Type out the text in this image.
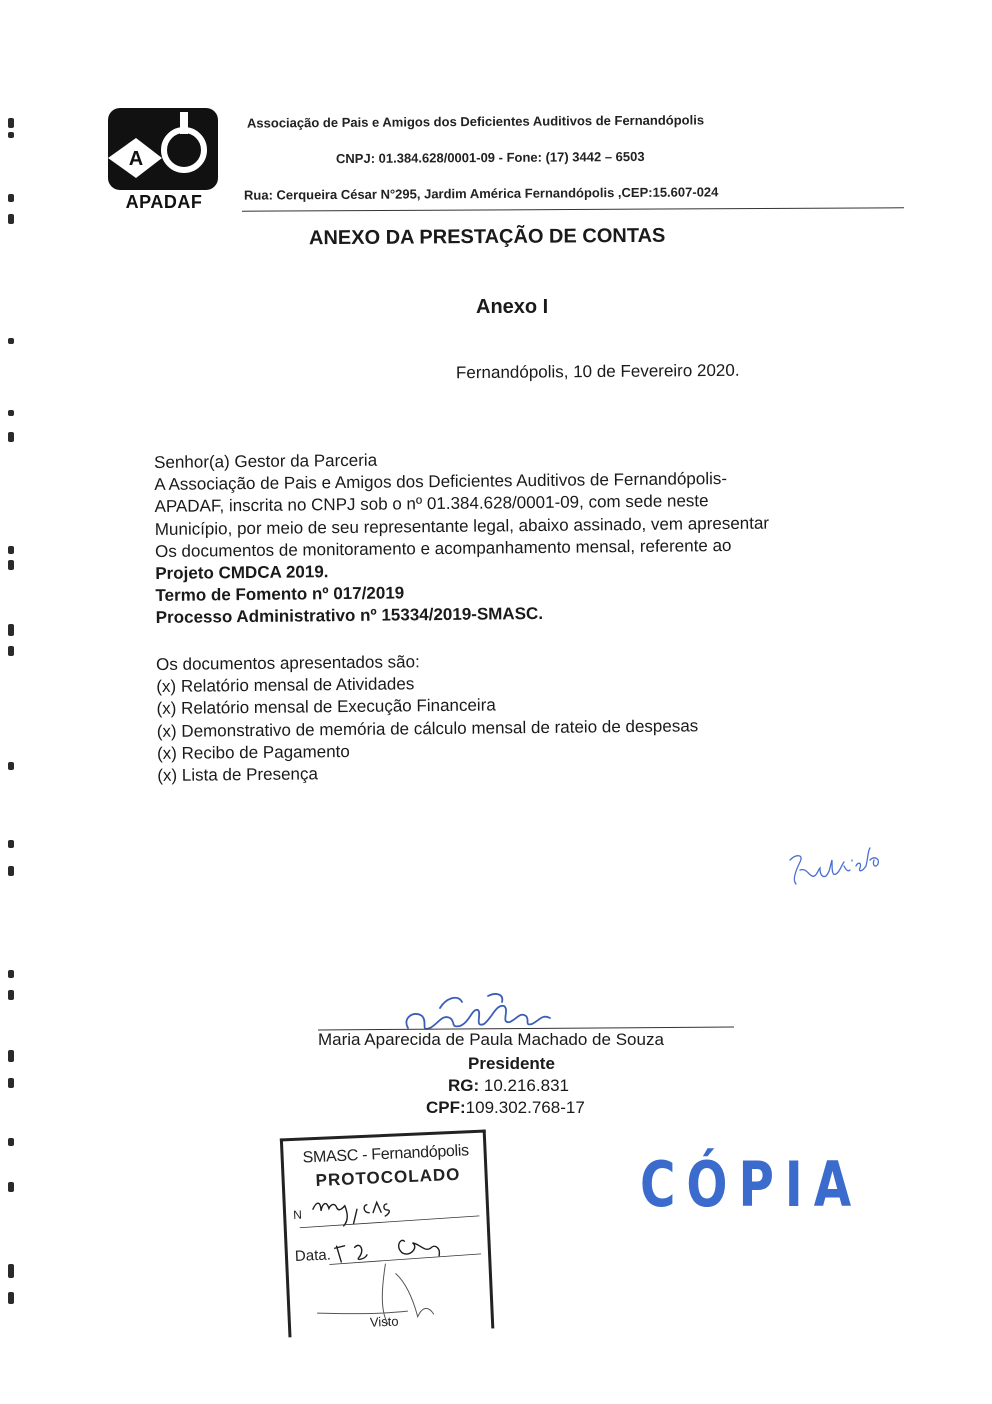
A
APADAF
Associação de Pais e Amigos dos Deficientes Auditivos de Fernandópolis
CNPJ: 01.384.628/0001-09 - Fone: (17) 3442 – 6503
Rua: Cerqueira César N°295, Jardim América Fernandópolis ,CEP:15.607-024
ANEXO DA PRESTAÇÃO DE CONTAS
Anexo I
Fernandópolis, 10 de Fevereiro 2020.
Senhor(a) Gestor da Parceria
A Associação de Pais e Amigos dos Deficientes Auditivos de Fernandópolis-
APADAF, inscrita no CNPJ sob o nº 01.384.628/0001-09, com sede neste
Município, por meio de seu representante legal, abaixo assinado, vem apresentar
Os documentos de monitoramento e acompanhamento mensal, referente ao
Projeto CMDCA 2019.
Termo de Fomento nº 017/2019
Processo Administrativo nº 15334/2019-SMASC.
Os documentos apresentados são:
(x) Relatório mensal de Atividades
(x) Relatório mensal de Execução Financeira
(x) Demonstrativo de memória de cálculo mensal de rateio de despesas
(x) Recibo de Pagamento
(x) Lista de Presença
Maria Aparecida de Paula Machado de Souza
Presidente
RG: 10.216.831
CPF:109.302.768-17
SMASC - Fernandópolis
PROTOCOLADO
N
Data.
Visto
CÓPIA
